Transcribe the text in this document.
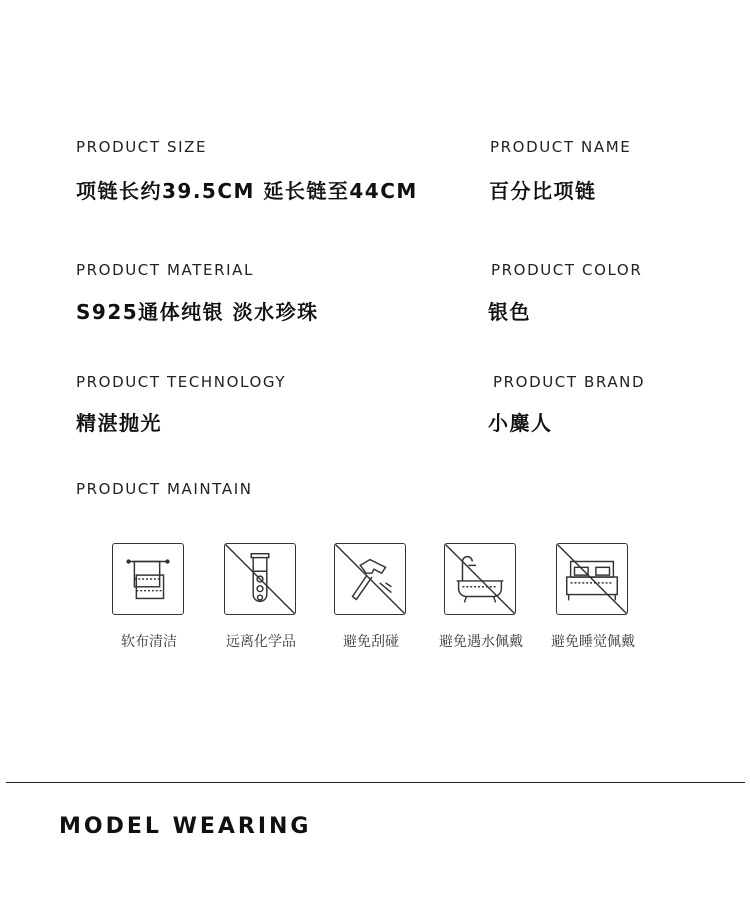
PRODUCT SIZE
项链长约39.5CM 延长链至44CM
PRODUCT NAME
百分比项链
PRODUCT MATERIAL
S925通体纯银 淡水珍珠
PRODUCT COLOR
银色
PRODUCT TECHNOLOGY
精湛抛光
PRODUCT BRAND
小麋人
PRODUCT MAINTAIN
软布清洁	远离化学品	避免刮碰	避免遇水佩戴	避免睡觉佩戴
MODEL WEARING
